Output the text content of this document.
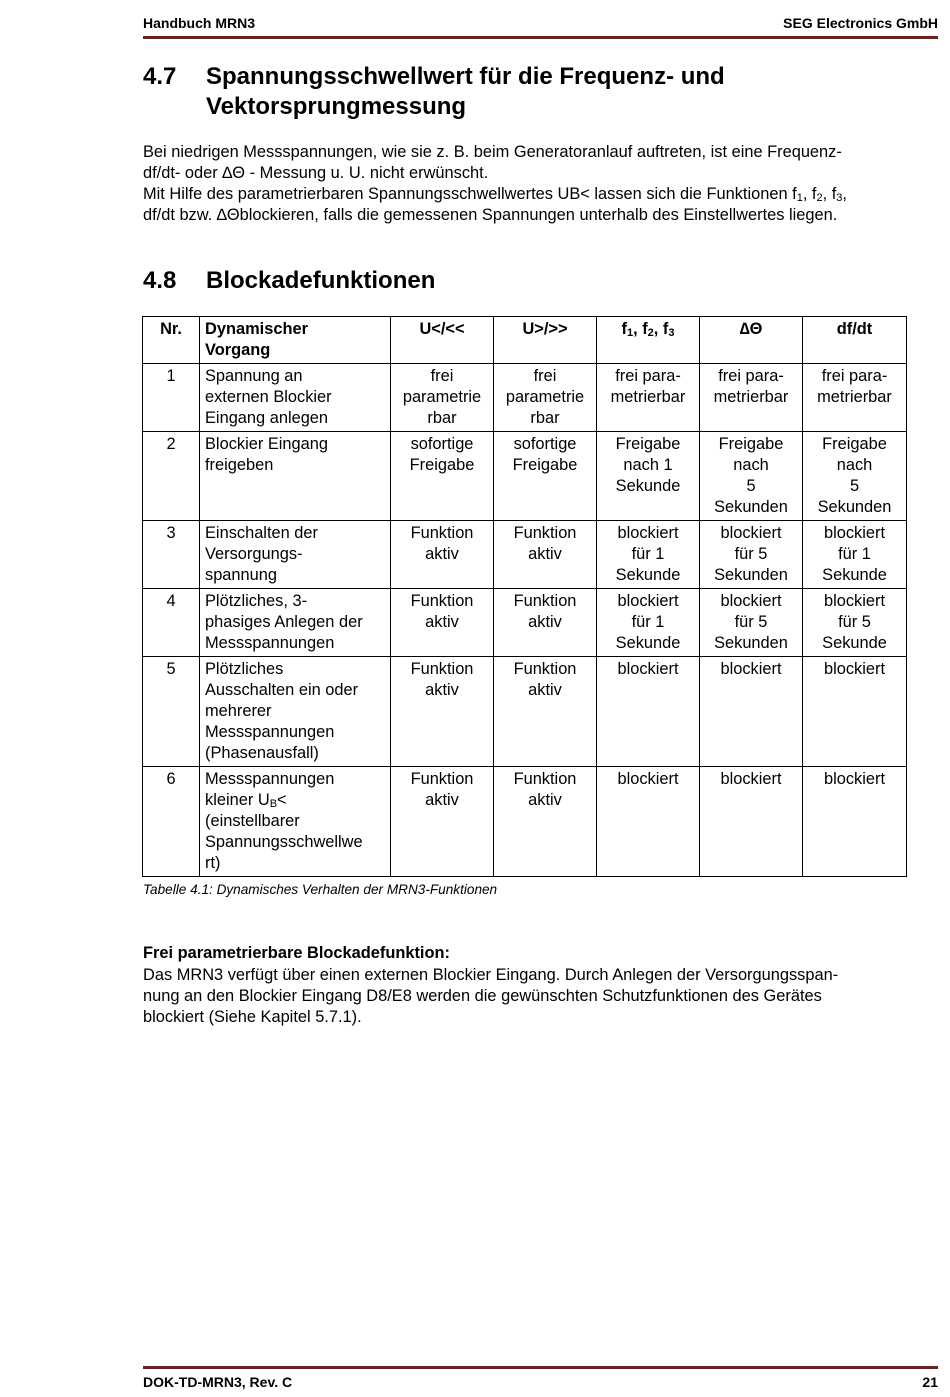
Handbuch MRN3	SEG Electronics GmbH
4.7 Spannungsschwellwert für die Frequenz- und
Vektorsprungmessung
Bei niedrigen Messspannungen, wie sie z. B. beim Generatoranlauf auftreten, ist eine Frequenz-
df/dt- oder ∆Θ - Messung u. U. nicht erwünscht.
Mit Hilfe des parametrierbaren Spannungsschwellwertes UB< lassen sich die Funktionen $f_1$, $f_2$, $f_3$,
df/dt bzw. ∆Θblockieren, falls die gemessenen Spannungen unterhalb des Einstellwertes liegen.
4.8 Blockadefunktionen
Nr.	Dynamischer
Vorgang	U</<<	U>/>>	$f_1$, $f_2$, $f_3$	∆Θ	df/dt
1	Spannung an
externen Blockier
Eingang anlegen	frei
parametrie
rbar	frei
parametrie
rbar	frei para-
metrierbar	frei para-
metrierbar	frei para-
metrierbar
2	Blockier Eingang
freigeben	sofortige
Freigabe	sofortige
Freigabe	Freigabe
nach 1
Sekunde	Freigabe
nach
5
Sekunden	Freigabe
nach
5
Sekunden
3	Einschalten der
Versorgungs-
spannung	Funktion
aktiv	Funktion
aktiv	blockiert
für 1
Sekunde	blockiert
für 5
Sekunden	blockiert
für 1
Sekunde
4	Plötzliches, 3-
phasiges Anlegen der
Messspannungen	Funktion
aktiv	Funktion
aktiv	blockiert
für 1
Sekunde	blockiert
für 5
Sekunden	blockiert
für 5
Sekunde
5	Plötzliches
Ausschalten ein oder
mehrerer
Messspannungen
(Phasenausfall)	Funktion
aktiv	Funktion
aktiv	blockiert	blockiert	blockiert
6	Messspannungen
kleiner $U_B<$
(einstellbarer
Spannungsschwellwe
rt)	Funktion
aktiv	Funktion
aktiv	blockiert	blockiert	blockiert
Tabelle 4.1: Dynamisches Verhalten der MRN3-Funktionen
Frei parametrierbare Blockadefunktion:
Das MRN3 verfügt über einen externen Blockier Eingang. Durch Anlegen der Versorgungsspan-
nung an den Blockier Eingang D8/E8 werden die gewünschten Schutzfunktionen des Gerätes
blockiert (Siehe Kapitel 5.7.1).
DOK-TD-MRN3, Rev. C	21
